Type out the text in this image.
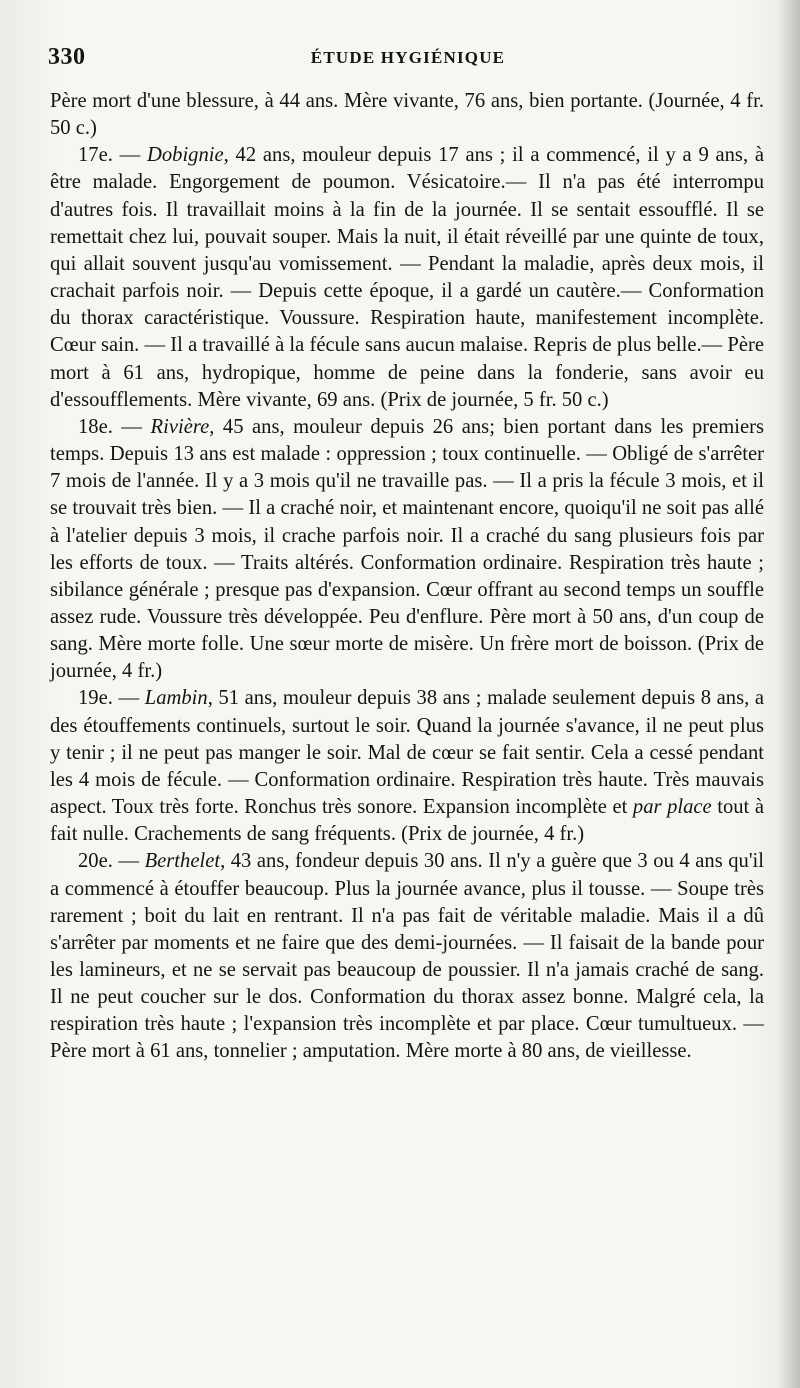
330	ÉTUDE HYGIÉNIQUE

Père mort d'une blessure, à 44 ans. Mère vivante, 76 ans, bien portante. (Journée, 4 fr. 50 c.)

17e. — Dobignie, 42 ans, mouleur depuis 17 ans ; il a commencé, il y a 9 ans, à être malade. Engorgement de poumon. Vésicatoire.— Il n'a pas été interrompu d'autres fois. Il travaillait moins à la fin de la journée. Il se sentait essoufflé. Il se remettait chez lui, pouvait souper. Mais la nuit, il était réveillé par une quinte de toux, qui allait souvent jusqu'au vomissement. — Pendant la maladie, après deux mois, il crachait parfois noir. — Depuis cette époque, il a gardé un cautère.— Conformation du thorax caractéristique. Voussure. Respiration haute, manifestement incomplète. Cœur sain. — Il a travaillé à la fécule sans aucun malaise. Repris de plus belle.— Père mort à 61 ans, hydropique, homme de peine dans la fonderie, sans avoir eu d'essoufflements. Mère vivante, 69 ans. (Prix de journée, 5 fr. 50 c.)

18e. — Rivière, 45 ans, mouleur depuis 26 ans; bien portant dans les premiers temps. Depuis 13 ans est malade : oppression ; toux continuelle. — Obligé de s'arrêter 7 mois de l'année. Il y a 3 mois qu'il ne travaille pas. — Il a pris la fécule 3 mois, et il se trouvait très bien. — Il a craché noir, et maintenant encore, quoiqu'il ne soit pas allé à l'atelier depuis 3 mois, il crache parfois noir. Il a craché du sang plusieurs fois par les efforts de toux. — Traits altérés. Conformation ordinaire. Respiration très haute ; sibilance générale ; presque pas d'expansion. Cœur offrant au second temps un souffle assez rude. Voussure très développée. Peu d'enflure. Père mort à 50 ans, d'un coup de sang. Mère morte folle. Une sœur morte de misère. Un frère mort de boisson. (Prix de journée, 4 fr.)

19e. — Lambin, 51 ans, mouleur depuis 38 ans ; malade seulement depuis 8 ans, a des étouffements continuels, surtout le soir. Quand la journée s'avance, il ne peut plus y tenir ; il ne peut pas manger le soir. Mal de cœur se fait sentir. Cela a cessé pendant les 4 mois de fécule. — Conformation ordinaire. Respiration très haute. Très mauvais aspect. Toux très forte. Ronchus très sonore. Expansion incomplète et par place tout à fait nulle. Crachements de sang fréquents. (Prix de journée, 4 fr.)

20e. — Berthelet, 43 ans, fondeur depuis 30 ans. Il n'y a guère que 3 ou 4 ans qu'il a commencé à étouffer beaucoup. Plus la journée avance, plus il tousse. — Soupe très rarement ; boit du lait en rentrant. Il n'a pas fait de véritable maladie. Mais il a dû s'arrêter par moments et ne faire que des demi-journées. — Il faisait de la bande pour les lamineurs, et ne se servait pas beaucoup de poussier. Il n'a jamais craché de sang. Il ne peut coucher sur le dos. Conformation du thorax assez bonne. Malgré cela, la respiration très haute ; l'expansion très incomplète et par place. Cœur tumultueux. — Père mort à 61 ans, tonnelier ; amputation. Mère morte à 80 ans, de vieillesse.
